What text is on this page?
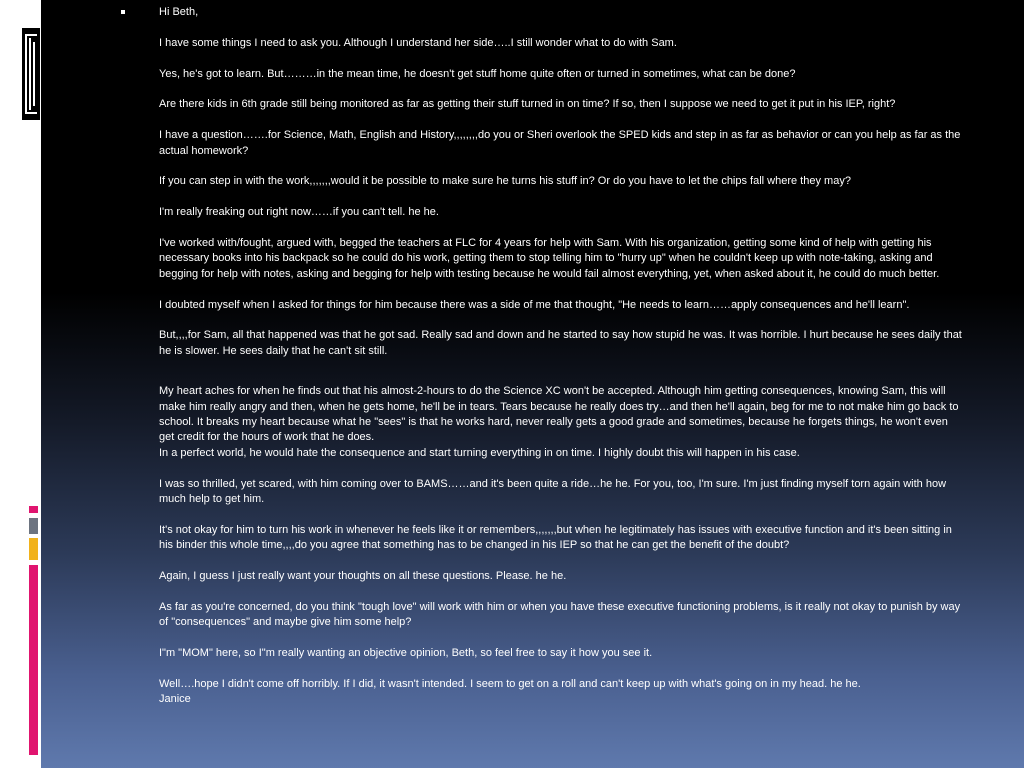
Hi Beth,

I have some things I need to ask you. Although I understand her side…..I still wonder what to do with Sam.

Yes, he's got to learn. But………in the mean time, he doesn't get stuff home quite often or turned in sometimes, what can be done?

Are there kids in 6th grade still being monitored as far as getting their stuff turned in on time? If so, then I suppose we need to get it put in his IEP, right?

I have a question…….for Science, Math, English and History,,,,,,,,do you or Sheri overlook the SPED kids and step in as far as behavior or can you help as far as the actual homework?

If you can step in with the work,,,,,,,would it be possible to make sure he turns his stuff in? Or do you have to let the chips fall where they may?

I'm really freaking out right now……if you can't tell. he he.

I've worked with/fought, argued with, begged the teachers at FLC for 4 years for help with Sam. With his organization, getting some kind of help with getting his necessary books into his backpack so he could do his work, getting them to stop telling him to "hurry up" when he couldn't keep up with note-taking, asking and begging for help with notes, asking and begging for help with testing because he would fail almost everything, yet, when asked about it, he could do much better.

I doubted myself when I asked for things for him because there was a side of me that thought, "He needs to learn……apply consequences and he'll learn".

But,,,,for Sam, all that happened was that he got sad. Really sad and down and he started to say how stupid he was. It was horrible. I hurt because he sees daily that he is slower. He sees daily that he can't sit still.

My heart aches for when he finds out that his almost-2-hours to do the Science XC won't be accepted. Although him getting consequences, knowing Sam, this will make him really angry and then, when he gets home, he'll be in tears. Tears because he really does try…and then he'll again, beg for me to not make him go back to school. It breaks my heart because what he "sees" is that he works hard, never really gets a good grade and sometimes, because he forgets things, he won't even get credit for the hours of work that he does.
In a perfect world, he would hate the consequence and start turning everything in on time. I highly doubt this will happen in his case.

I was so thrilled, yet scared, with him coming over to BAMS……and it's been quite a ride…he he. For you, too, I'm sure. I'm just finding myself torn again with how much help to get him.

It's not okay for him to turn his work in whenever he feels like it or remembers,,,,,,,but when he legitimately has issues with executive function and it's been sitting in his binder this whole time,,,,do you agree that something has to be changed in his IEP so that he can get the benefit of the doubt?

Again, I guess I just really want your thoughts on all these questions. Please. he he.

As far as you're concerned, do you think "tough love" will work with him or when you have these executive functioning problems, is it really not okay to punish by way of "consequences" and maybe give him some help?

I"m "MOM" here, so I"m really wanting an objective opinion, Beth, so feel free to say it how you see it.

Well….hope I didn't come off horribly. If I did, it wasn't intended. I seem to get on a roll and can't keep up with what's going on in my head. he he.
Janice
